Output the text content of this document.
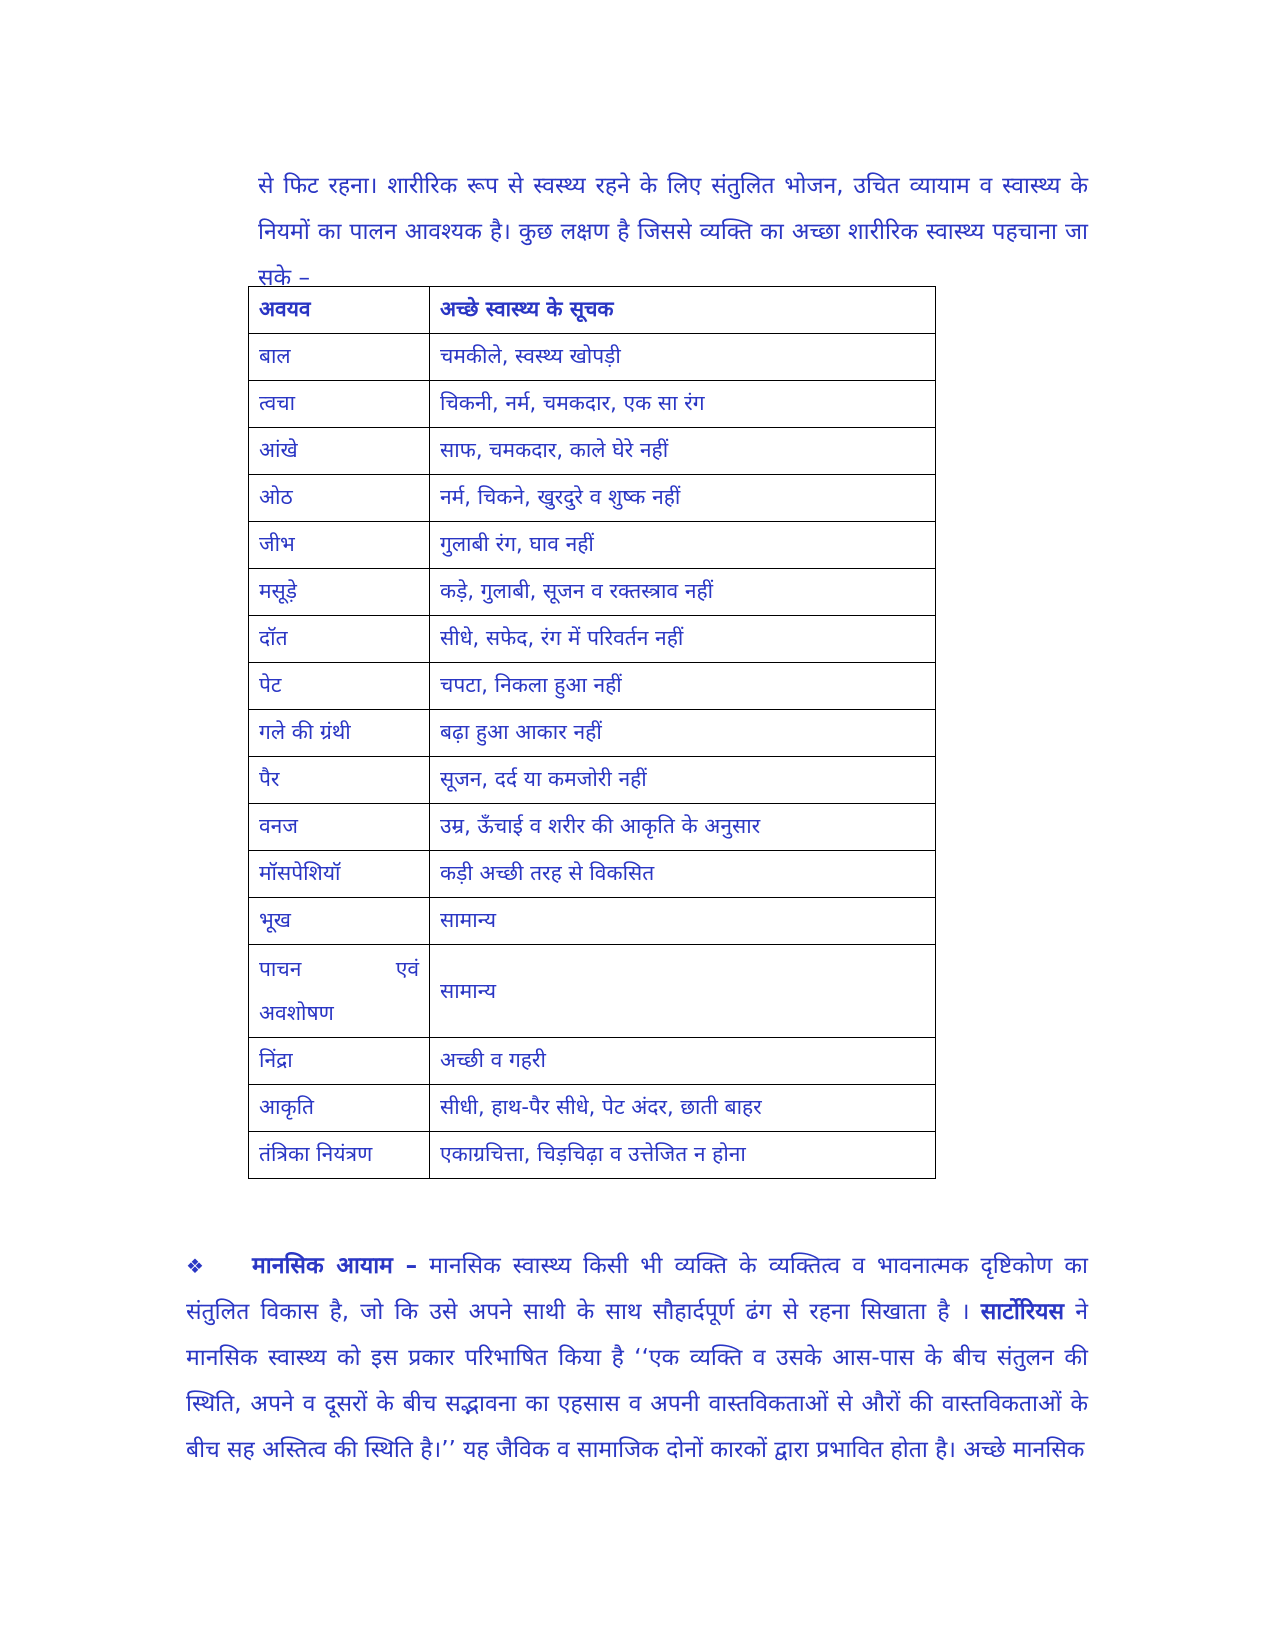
से फिट रहना। शारीरिक रूप से स्वस्थ्य रहने के लिए संतुलित भोजन, उचित व्यायाम व स्वास्थ्य के नियमों का पालन आवश्यक है। कुछ लक्षण है जिससे व्यक्ति का अच्छा शारीरिक स्वास्थ्य पहचाना जा सके –

अवयव	अच्छे स्वास्थ्य के सूचक
बाल	चमकीले, स्वस्थ्य खोपड़ी
त्वचा	चिकनी, नर्म, चमकदार, एक सा रंग
आंखे	साफ, चमकदार, काले घेरे नहीं
ओठ	नर्म, चिकने, खुरदुरे व शुष्क नहीं
जीभ	गुलाबी रंग, घाव नहीं
मसूड़े	कड़े, गुलाबी, सूजन व रक्तस्त्राव नहीं
दॉत	सीधे, सफेद, रंग में परिवर्तन नहीं
पेट	चपटा, निकला हुआ नहीं
गले की ग्रंथी	बढ़ा हुआ आकार नहीं
पैर	सूजन, दर्द या कमजोरी नहीं
वनज	उम्र, ऊँचाई व शरीर की आकृति के अनुसार
मॉसपेशियॉ	कड़ी अच्छी तरह से विकसित
भूख	सामान्य

पाचन एवं
अवशोषण	सामान्य
निंद्रा	अच्छी व गहरी
आकृति	सीधी, हाथ-पैर सीधे, पेट अंदर, छाती बाहर
तंत्रिका नियंत्रण	एकाग्रचित्ता, चिड़चिढ़ा व उत्तेजित न होना

❖ मानसिक आयाम – मानसिक स्वास्थ्य किसी भी व्यक्ति के व्यक्तित्व व भावनात्मक दृष्टिकोण का संतुलित विकास है, जो कि उसे अपने साथी के साथ सौहार्दपूर्ण ढंग से रहना सिखाता है । सार्टोरियस ने मानसिक स्वास्थ्य को इस प्रकार परिभाषित किया है ‘‘एक व्यक्ति व उसके आस-पास के बीच संतुलन की स्थिति, अपने व दूसरों के बीच सद्भावना का एहसास व अपनी वास्तविकताओं से औरों की वास्तविकताओं के बीच सह अस्तित्व की स्थिति है।’’ यह जैविक व सामाजिक दोनों कारकों द्वारा प्रभावित होता है। अच्छे मानसिक
